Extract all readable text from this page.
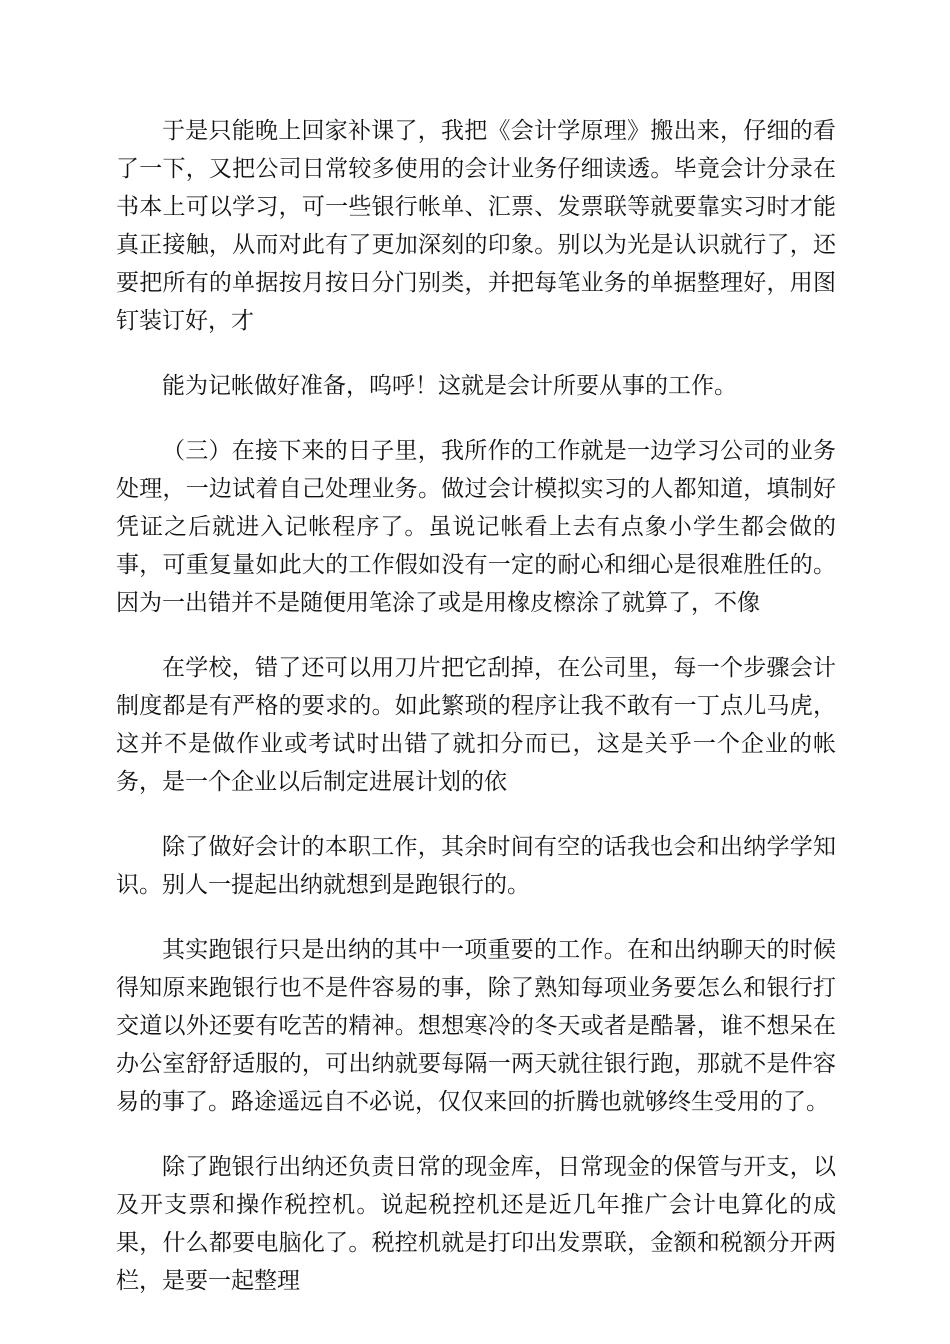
于是只能晚上回家补课了，我把《会计学原理》搬出来，仔细的看了一下，又把公司日常较多使用的会计业务仔细读透。毕竟会计分录在书本上可以学习，可一些银行帐单、汇票、发票联等就要靠实习时才能真正接触，从而对此有了更加深刻的印象。别以为光是认识就行了，还要把所有的单据按月按日分门别类，并把每笔业务的单据整理好，用图钉装订好，才

能为记帐做好准备，呜呼！这就是会计所要从事的工作。

（三）在接下来的日子里，我所作的工作就是一边学习公司的业务处理，一边试着自己处理业务。做过会计模拟实习的人都知道，填制好凭证之后就进入记帐程序了。虽说记帐看上去有点象小学生都会做的事，可重复量如此大的工作假如没有一定的耐心和细心是很难胜任的。因为一出错并不是随便用笔涂了或是用橡皮檫涂了就算了，不像

在学校，错了还可以用刀片把它刮掉，在公司里，每一个步骤会计制度都是有严格的要求的。如此繁琐的程序让我不敢有一丁点儿马虎，这并不是做作业或考试时出错了就扣分而已，这是关乎一个企业的帐务，是一个企业以后制定进展计划的依

除了做好会计的本职工作，其余时间有空的话我也会和出纳学学知识。别人一提起出纳就想到是跑银行的。

其实跑银行只是出纳的其中一项重要的工作。在和出纳聊天的时候得知原来跑银行也不是件容易的事，除了熟知每项业务要怎么和银行打交道以外还要有吃苦的精神。想想寒冷的冬天或者是酷暑，谁不想呆在办公室舒舒适服的，可出纳就要每隔一两天就往银行跑，那就不是件容易的事了。路途遥远自不必说，仅仅来回的折腾也就够终生受用的了。

除了跑银行出纳还负责日常的现金库，日常现金的保管与开支，以及开支票和操作税控机。说起税控机还是近几年推广会计电算化的成果，什么都要电脑化了。税控机就是打印出发票联，金额和税额分开两栏，是要一起整理
